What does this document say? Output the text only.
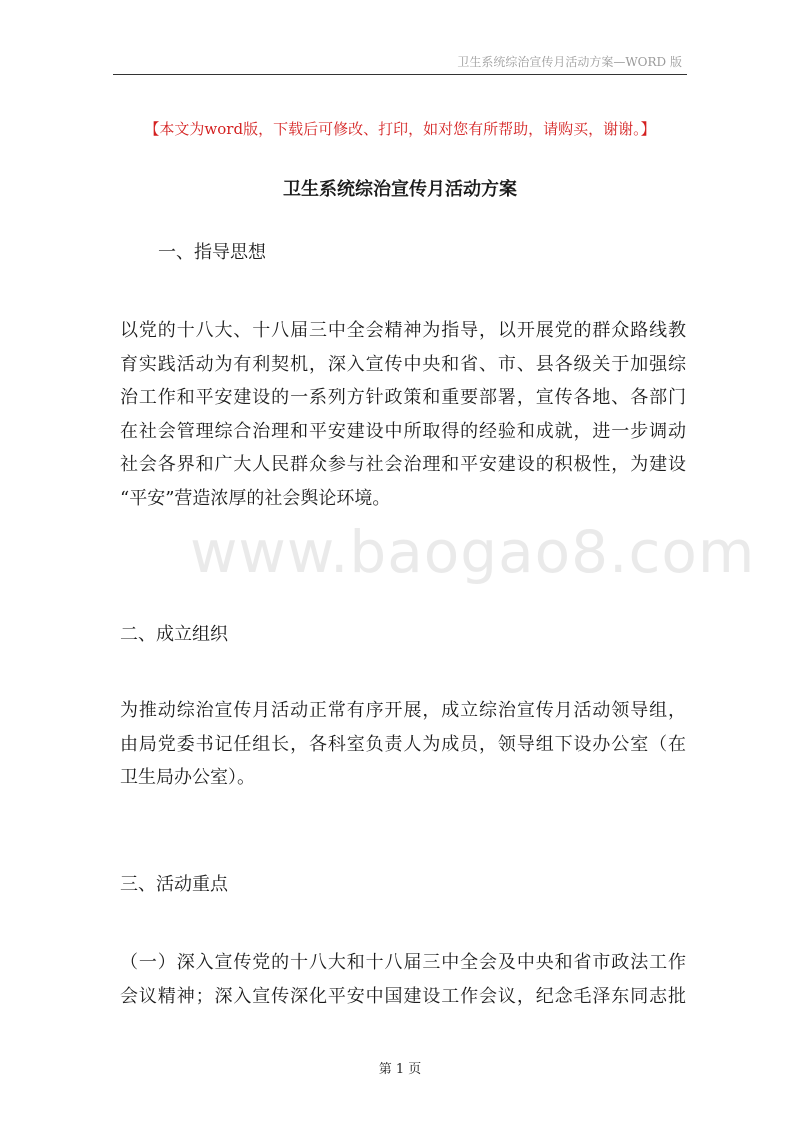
卫生系统综治宣传月活动方案—WORD 版
【本文为word版，下载后可修改、打印，如对您有所帮助，请购买，谢谢。】
卫生系统综治宣传月活动方案
一、指导思想
以党的十八大、十八届三中全会精神为指导，以开展党的群众路线教
育实践活动为有利契机，深入宣传中央和省、市、县各级关于加强综
治工作和平安建设的一系列方针政策和重要部署，宣传各地、各部门
在社会管理综合治理和平安建设中所取得的经验和成就，进一步调动
社会各界和广大人民群众参与社会治理和平安建设的积极性，为建设
“平安”营造浓厚的社会舆论环境。
二、成立组织
为推动综治宣传月活动正常有序开展，成立综治宣传月活动领导组，
由局党委书记任组长，各科室负责人为成员，领导组下设办公室（在
卫生局办公室）。
三、活动重点
（一）深入宣传党的十八大和十八届三中全会及中央和省市政法工作
会议精神；深入宣传深化平安中国建设工作会议，纪念毛泽东同志批
www.baogao8.com
第 1 页
